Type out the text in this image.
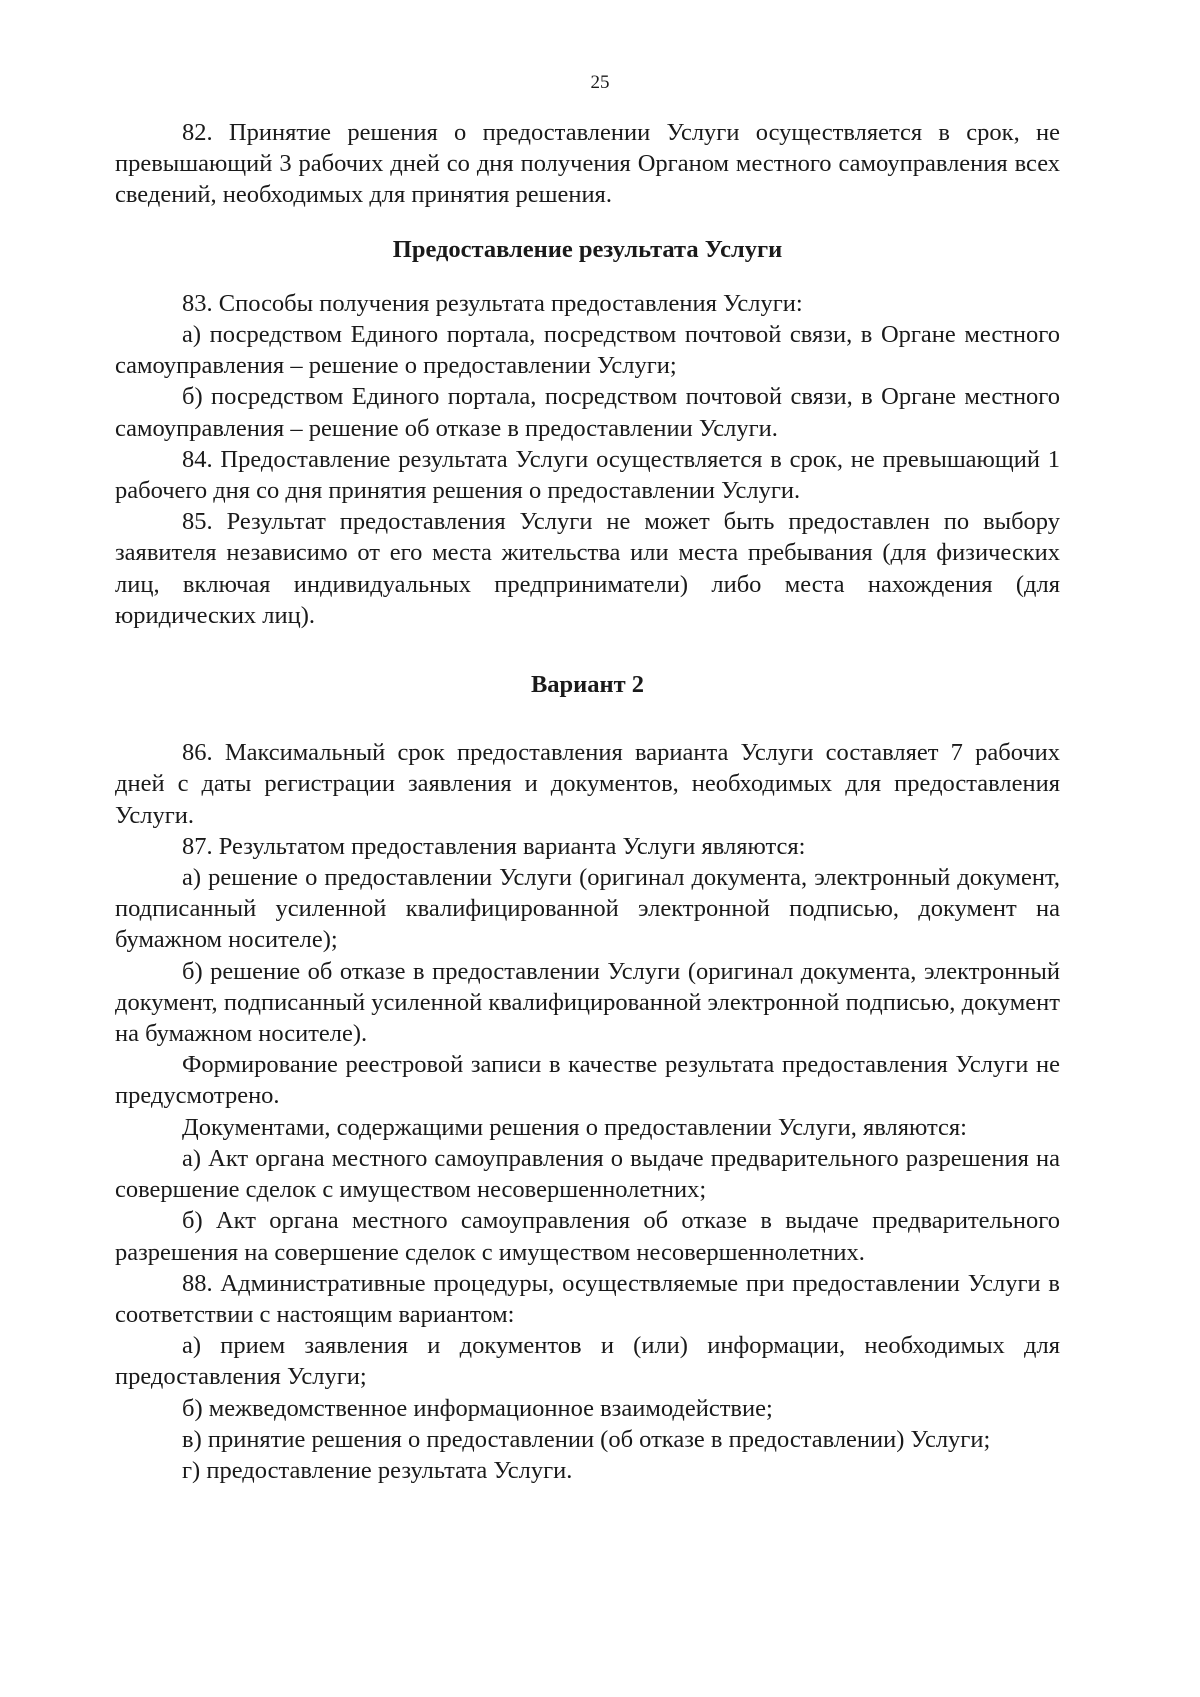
25

82. Принятие решения о предоставлении Услуги осуществляется в срок, не превышающий 3 рабочих дней со дня получения Органом местного самоуправления всех сведений, необходимых для принятия решения.

Предоставление результата Услуги

83. Способы получения результата предоставления Услуги:

а) посредством Единого портала, посредством почтовой связи, в Органе местного самоуправления – решение о предоставлении Услуги;

б) посредством Единого портала, посредством почтовой связи, в Органе местного самоуправления – решение об отказе в предоставлении Услуги.

84. Предоставление результата Услуги осуществляется в срок, не превышающий 1 рабочего дня со дня принятия решения о предоставлении Услуги.

85. Результат предоставления Услуги не может быть предоставлен по выбору заявителя независимо от его места жительства или места пребывания (для физических лиц, включая индивидуальных предприниматели) либо места нахождения (для юридических лиц).

Вариант 2

86. Максимальный срок предоставления варианта Услуги составляет 7 рабочих дней с даты регистрации заявления и документов, необходимых для предоставления Услуги.

87. Результатом предоставления варианта Услуги являются:

а) решение о предоставлении Услуги (оригинал документа, электронный документ, подписанный усиленной квалифицированной электронной подписью, документ на бумажном носителе);

б) решение об отказе в предоставлении Услуги (оригинал документа, электронный документ, подписанный усиленной квалифицированной электронной подписью, документ на бумажном носителе).

Формирование реестровой записи в качестве результата предоставления Услуги не предусмотрено.

Документами, содержащими решения о предоставлении Услуги, являются:

а) Акт органа местного самоуправления о выдаче предварительного разрешения на совершение сделок с имуществом несовершеннолетних;

б) Акт органа местного самоуправления об отказе в выдаче предварительного разрешения на совершение сделок с имуществом несовершеннолетних.

88. Административные процедуры, осуществляемые при предоставлении Услуги в соответствии с настоящим вариантом:

а) прием заявления и документов и (или) информации, необходимых для предоставления Услуги;

б) межведомственное информационное взаимодействие;

в) принятие решения о предоставлении (об отказе в предоставлении) Услуги;

г) предоставление результата Услуги.
